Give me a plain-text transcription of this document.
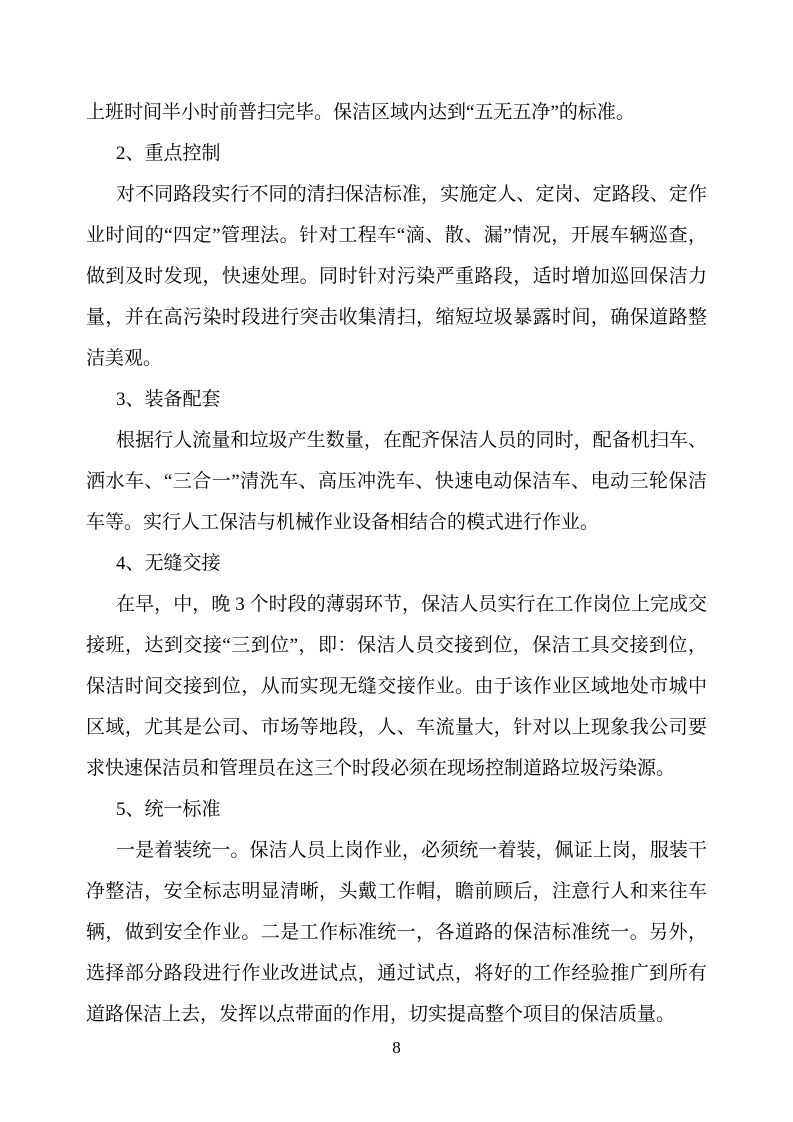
上班时间半小时前普扫完毕。保洁区域内达到“五无五净”的标准。

2、重点控制

对不同路段实行不同的清扫保洁标准，实施定人、定岗、定路段、定作业时间的“四定”管理法。针对工程车“滴、散、漏”情况，开展车辆巡查，做到及时发现，快速处理。同时针对污染严重路段，适时增加巡回保洁力量，并在高污染时段进行突击收集清扫，缩短垃圾暴露时间，确保道路整洁美观。

3、装备配套

根据行人流量和垃圾产生数量，在配齐保洁人员的同时，配备机扫车、洒水车、“三合一”清洗车、高压冲洗车、快速电动保洁车、电动三轮保洁车等。实行人工保洁与机械作业设备相结合的模式进行作业。

4、无缝交接

在早，中，晚 3 个时段的薄弱环节，保洁人员实行在工作岗位上完成交接班，达到交接“三到位”，即：保洁人员交接到位，保洁工具交接到位，保洁时间交接到位，从而实现无缝交接作业。由于该作业区域地处市城中区域，尤其是公司、市场等地段，人、车流量大，针对以上现象我公司要求快速保洁员和管理员在这三个时段必须在现场控制道路垃圾污染源。

5、统一标准

一是着装统一。保洁人员上岗作业，必须统一着装，佩证上岗，服装干净整洁，安全标志明显清晰，头戴工作帽，瞻前顾后，注意行人和来往车辆，做到安全作业。二是工作标准统一，各道路的保洁标准统一。另外，选择部分路段进行作业改进试点，通过试点，将好的工作经验推广到所有道路保洁上去，发挥以点带面的作用，切实提高整个项目的保洁质量。

8
